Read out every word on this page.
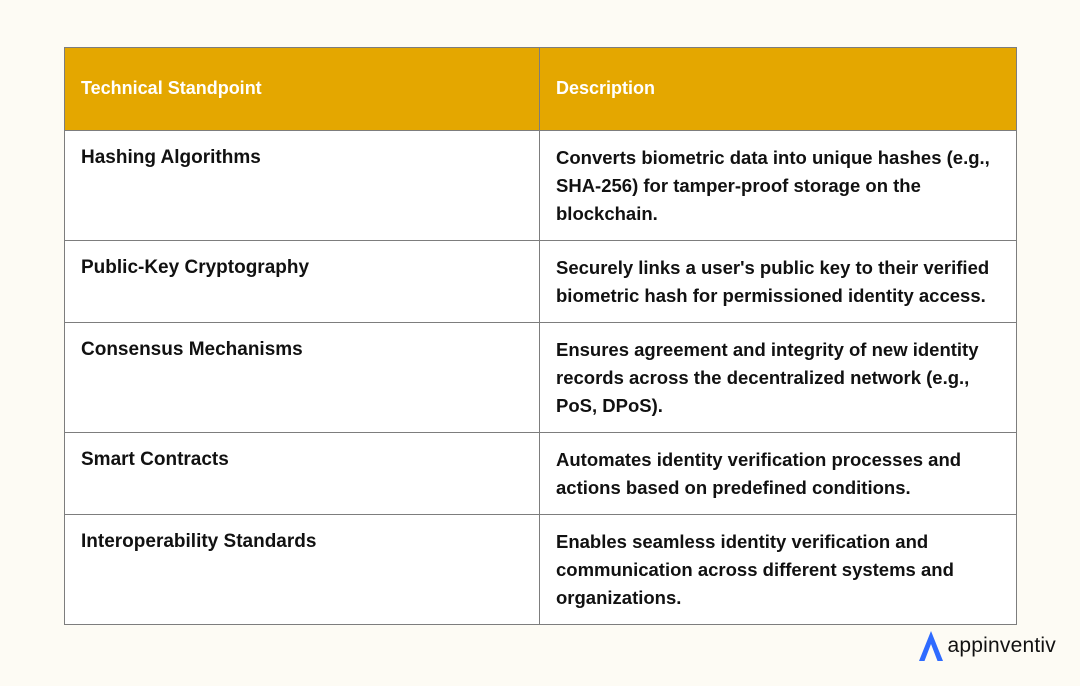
Technical Standpoint	Description
Hashing Algorithms	Converts biometric data into unique hashes (e.g., SHA-256) for tamper-proof storage on the blockchain.
Public-Key Cryptography	Securely links a user's public key to their verified biometric hash for permissioned identity access.
Consensus Mechanisms	Ensures agreement and integrity of new identity records across the decentralized network (e.g., PoS, DPoS).
Smart Contracts	Automates identity verification processes and actions based on predefined conditions.
Interoperability Standards	Enables seamless identity verification and communication across different systems and organizations.
appinventiv
